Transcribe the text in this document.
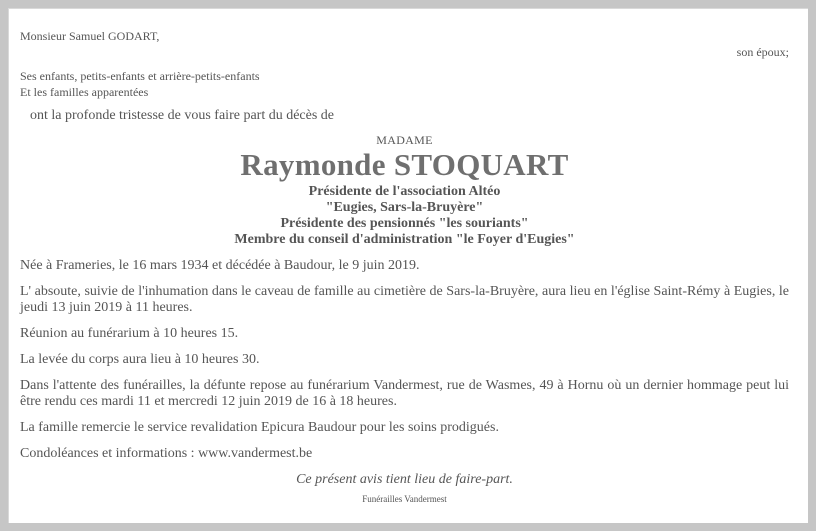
Monsieur Samuel GODART,
son époux;
Ses enfants, petits-enfants et arrière-petits-enfants
Et les familles apparentées
ont la profonde tristesse de vous faire part du décès de
MADAME
Raymonde STOQUART
Présidente de l'association Altéo
"Eugies, Sars-la-Bruyère"
Présidente des pensionnés "les souriants"
Membre du conseil d'administration "le Foyer d'Eugies"

Née à Frameries, le 16 mars 1934 et décédée à Baudour, le 9 juin 2019.

L' absoute, suivie de l'inhumation dans le caveau de famille au cimetière de Sars-la-Bruyère, aura lieu en l'église Saint-Rémy à Eugies, le jeudi 13 juin 2019 à 11 heures.

Réunion au funérarium à 10 heures 15.

La levée du corps aura lieu à 10 heures 30.

Dans l'attente des funérailles, la défunte repose au funérarium Vandermest, rue de Wasmes, 49 à Hornu où un dernier hommage peut lui être rendu ces mardi 11 et mercredi 12 juin 2019 de 16 à 18 heures.

La famille remercie le service revalidation Epicura Baudour pour les soins prodigués.

Condoléances et informations : www.vandermest.be

Ce présent avis tient lieu de faire-part.
Funérailles Vandermest
